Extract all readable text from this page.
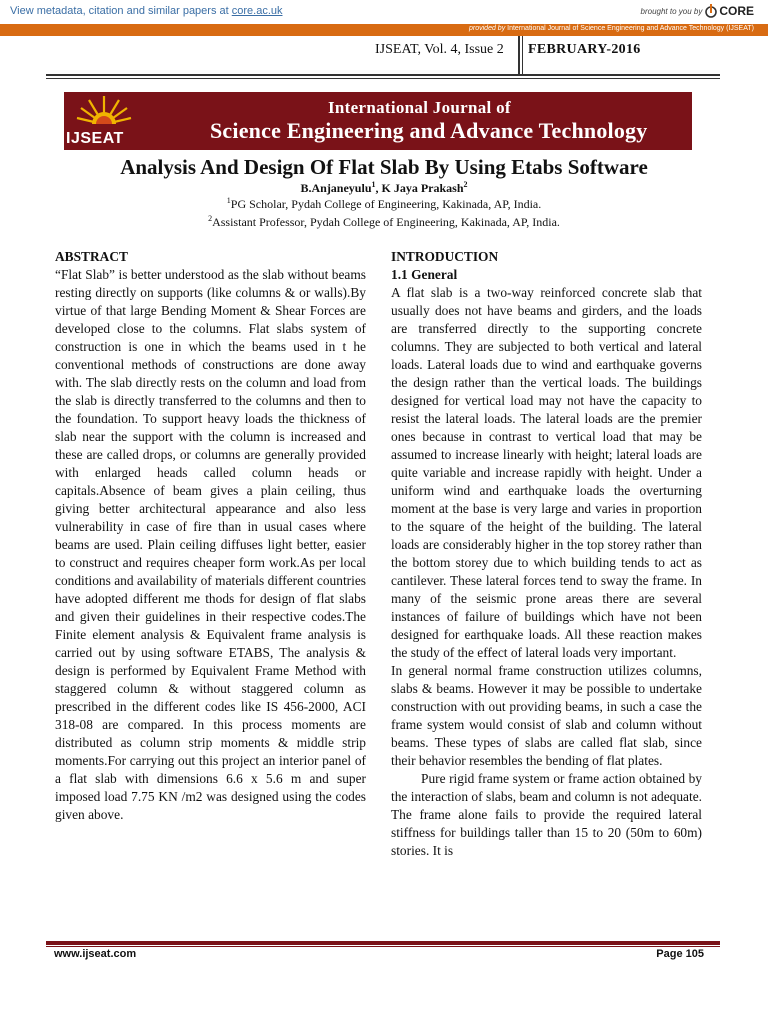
View metadata, citation and similar papers at core.ac.uk	brought to you by CORE
provided by International Journal of Science Engineering and Advance Technology (IJSEAT)
IJSEAT, Vol. 4, Issue 2 FEBRUARY-2016
IJSEAT
International Journal of
Science Engineering and Advance Technology
Analysis And Design Of Flat Slab By Using Etabs Software
B.Anjaneyulu$^1$, K Jaya Prakash$^2$
$^1$PG Scholar, Pydah College of Engineering, Kakinada, AP, India.
$^2$Assistant Professor, Pydah College of Engineering, Kakinada, AP, India.
ABSTRACT

“Flat Slab” is better understood as the slab without beams resting directly on supports (like columns & or walls).By virtue of that large Bending Moment & Shear Forces are developed close to the columns. Flat slabs system of construction is one in which the beams used in t he conventional methods of constructions are done away with. The slab directly rests on the column and load from the slab is directly transferred to the columns and then to the foundation. To support heavy loads the thickness of slab near the support with the column is increased and these are called drops, or columns are generally provided with enlarged heads called column heads or capitals.Absence of beam gives a plain ceiling, thus giving better architectural appearance and also less vulnerability in case of fire than in usual cases where beams are used. Plain ceiling diffuses light better, easier to construct and requires cheaper form work.As per local conditions and availability of materials different countries have adopted different me thods for design of flat slabs and given their guidelines in their respective codes.The Finite element analysis & Equivalent frame analysis is carried out by using software ETABS, The analysis & design is performed by Equivalent Frame Method with staggered column & without staggered column as prescribed in the different codes like IS 456-2000, ACI 318-08 are compared. In this process moments are distributed as column strip moments & middle strip moments.For carrying out this project an interior panel of a flat slab with dimensions 6.6 x 5.6 m and super imposed load 7.75 KN /m2 was designed using the codes given above.

INTRODUCTION
1.1 General

A flat slab is a two-way reinforced concrete slab that usually does not have beams and girders, and the loads are transferred directly to the supporting concrete columns. They are subjected to both vertical and lateral loads. Lateral loads due to wind and earthquake governs the design rather than the vertical loads. The buildings designed for vertical load may not have the capacity to resist the lateral loads. The lateral loads are the premier ones because in contrast to vertical load that may be assumed to increase linearly with height; lateral loads are quite variable and increase rapidly with height. Under a uniform wind and earthquake loads the overturning moment at the base is very large and varies in proportion to the square of the height of the building. The lateral loads are considerably higher in the top storey rather than the bottom storey due to which building tends to act as cantilever. These lateral forces tend to sway the frame. In many of the seismic prone areas there are several instances of failure of buildings which have not been designed for earthquake loads. All these reaction makes the study of the effect of lateral loads very important.

In general normal frame construction utilizes columns, slabs & beams. However it may be possible to undertake construction with out providing beams, in such a case the frame system would consist of slab and column without beams. These types of slabs are called flat slab, since their behavior resembles the bending of flat plates.

Pure rigid frame system or frame action obtained by the interaction of slabs, beam and column is not adequate. The frame alone fails to provide the required lateral stiffness for buildings taller than 15 to 20 (50m to 60m) stories. It is

www.ijseat.com	Page 105
